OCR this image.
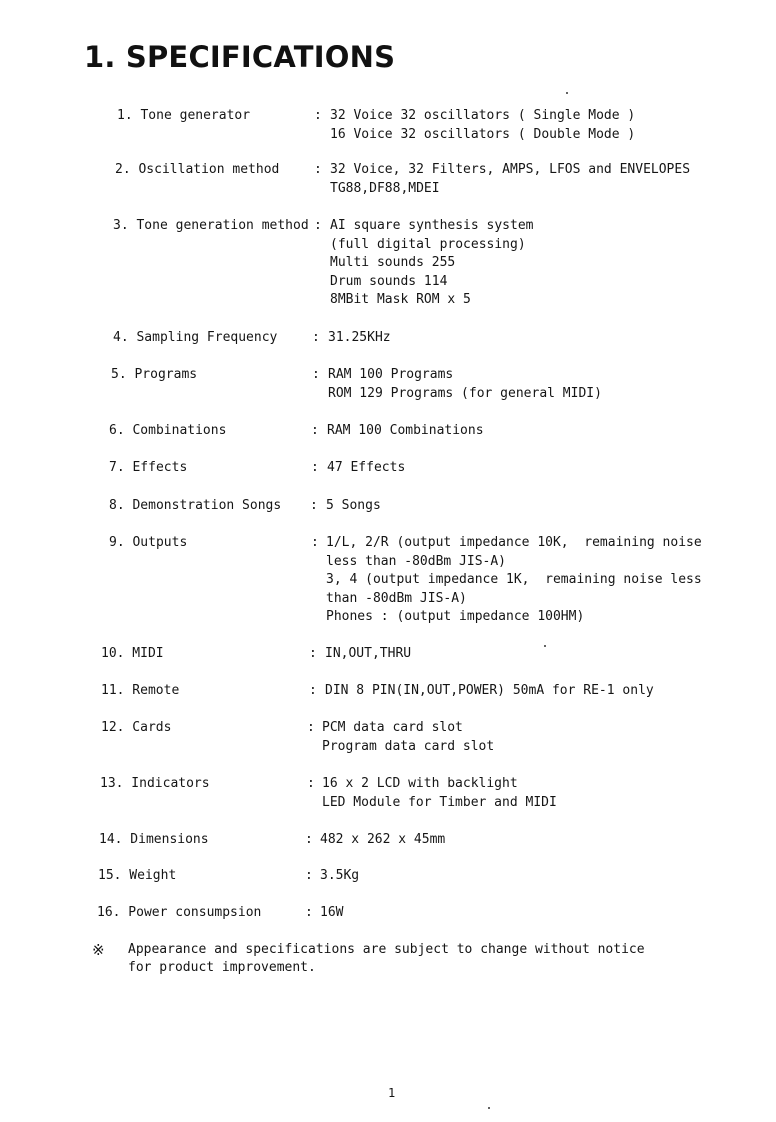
1. SPECIFICATIONS
1. Tone generator	: 32 Voice 32 oscillators ( Single Mode )
16 Voice 32 oscillators ( Double Mode )
2. Oscillation method	: 32 Voice, 32 Filters, AMPS, LFOS and ENVELOPES
TG88,DF88,MDEI
3. Tone generation method : AI square synthesis system
(full digital processing)
Multi sounds 255
Drum sounds 114
8MBit Mask ROM x 5
4. Sampling Frequency	: 31.25KHz
5. Programs	: RAM 100 Programs
ROM 129 Programs (for general MIDI)
6. Combinations	: RAM 100 Combinations
7. Effects	: 47 Effects
8. Demonstration Songs : 5 Songs
9. Outputs	: 1/L, 2/R (output impedance 10K,  remaining noise
less than -80dBm JIS-A)
3, 4 (output impedance 1K,  remaining noise less
than -80dBm JIS-A)
Phones : (output impedance 100HM)
10. MIDI	: IN,OUT,THRU
11. Remote	: DIN 8 PIN(IN,OUT,POWER) 50mA for RE-1 only
12. Cards	: PCM data card slot
Program data card slot
13. Indicators	: 16 x 2 LCD with backlight
LED Module for Timber and MIDI
14. Dimensions	: 482 x 262 x 45mm
15. Weight	: 3.5Kg
16. Power consumpsion	: 16W
※ Appearance and specifications are subject to change without notice
for product improvement.
1
